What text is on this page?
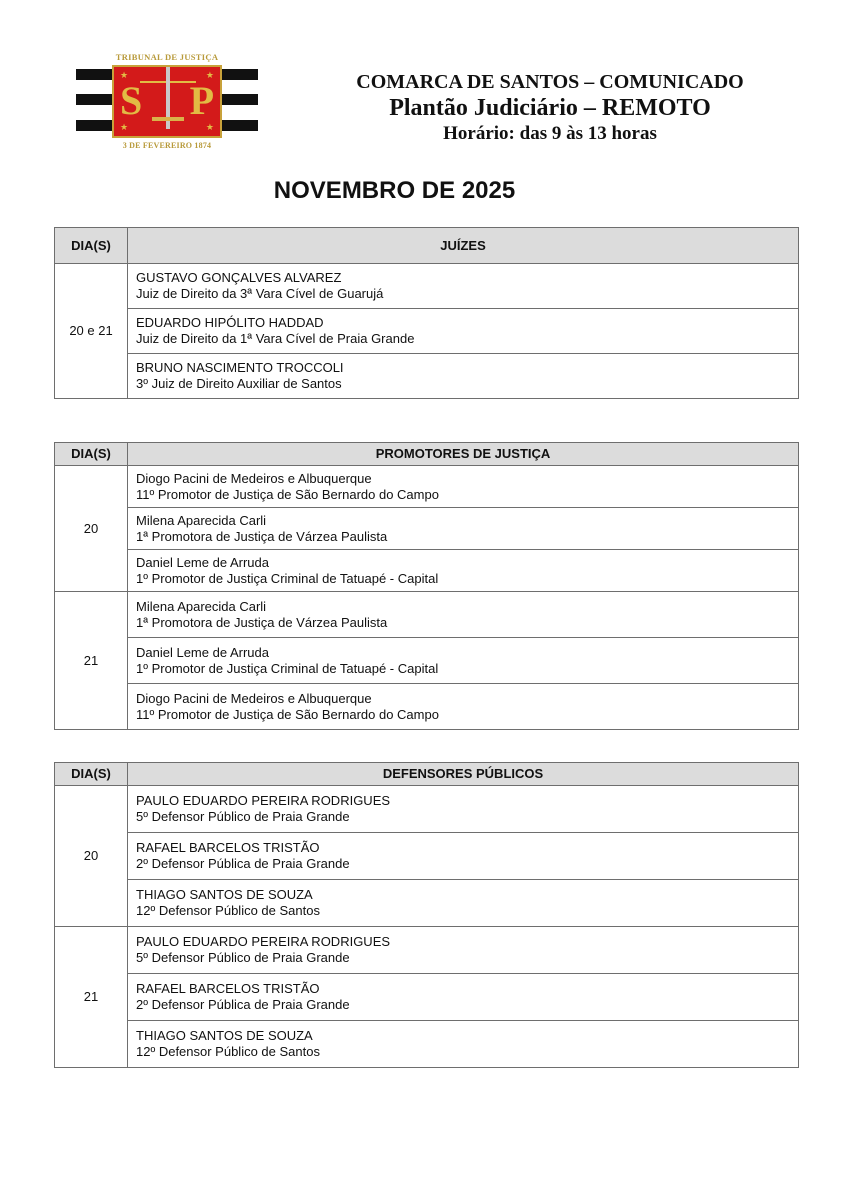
TRIBUNAL DE JUSTIÇA
★	★
★	★
S P
3 DE FEVEREIRO 1874
COMARCA DE SANTOS – COMUNICADO
Plantão Judiciário – REMOTO
Horário: das 9 às 13 horas
NOVEMBRO DE 2025
DIA(S)	JUÍZES
20 e 21	GUSTAVO GONÇALVES ALVAREZ
Juiz de Direito da 3ª Vara Cível de Guarujá

	EDUARDO HIPÓLITO HADDAD
Juiz de Direito da 1ª Vara Cível de Praia Grande

	BRUNO NASCIMENTO TROCCOLI
3º Juiz de Direito Auxiliar de Santos
DIA(S)	PROMOTORES DE JUSTIÇA
20	Diogo Pacini de Medeiros e Albuquerque
11º Promotor de Justiça de São Bernardo do Campo

	Milena Aparecida Carli
1ª Promotora de Justiça de Várzea Paulista

	Daniel Leme de Arruda
1º Promotor de Justiça Criminal de Tatuapé - Capital

21	Milena Aparecida Carli
1ª Promotora de Justiça de Várzea Paulista

	Daniel Leme de Arruda
1º Promotor de Justiça Criminal de Tatuapé - Capital

	Diogo Pacini de Medeiros e Albuquerque
11º Promotor de Justiça de São Bernardo do Campo
DIA(S)	DEFENSORES PÚBLICOS
20	PAULO EDUARDO PEREIRA RODRIGUES
5º Defensor Público de Praia Grande

	RAFAEL BARCELOS TRISTÃO
2º Defensor Pública de Praia Grande

	THIAGO SANTOS DE SOUZA
12º Defensor Público de Santos

21	PAULO EDUARDO PEREIRA RODRIGUES
5º Defensor Público de Praia Grande

	RAFAEL BARCELOS TRISTÃO
2º Defensor Pública de Praia Grande

	THIAGO SANTOS DE SOUZA
12º Defensor Público de Santos
